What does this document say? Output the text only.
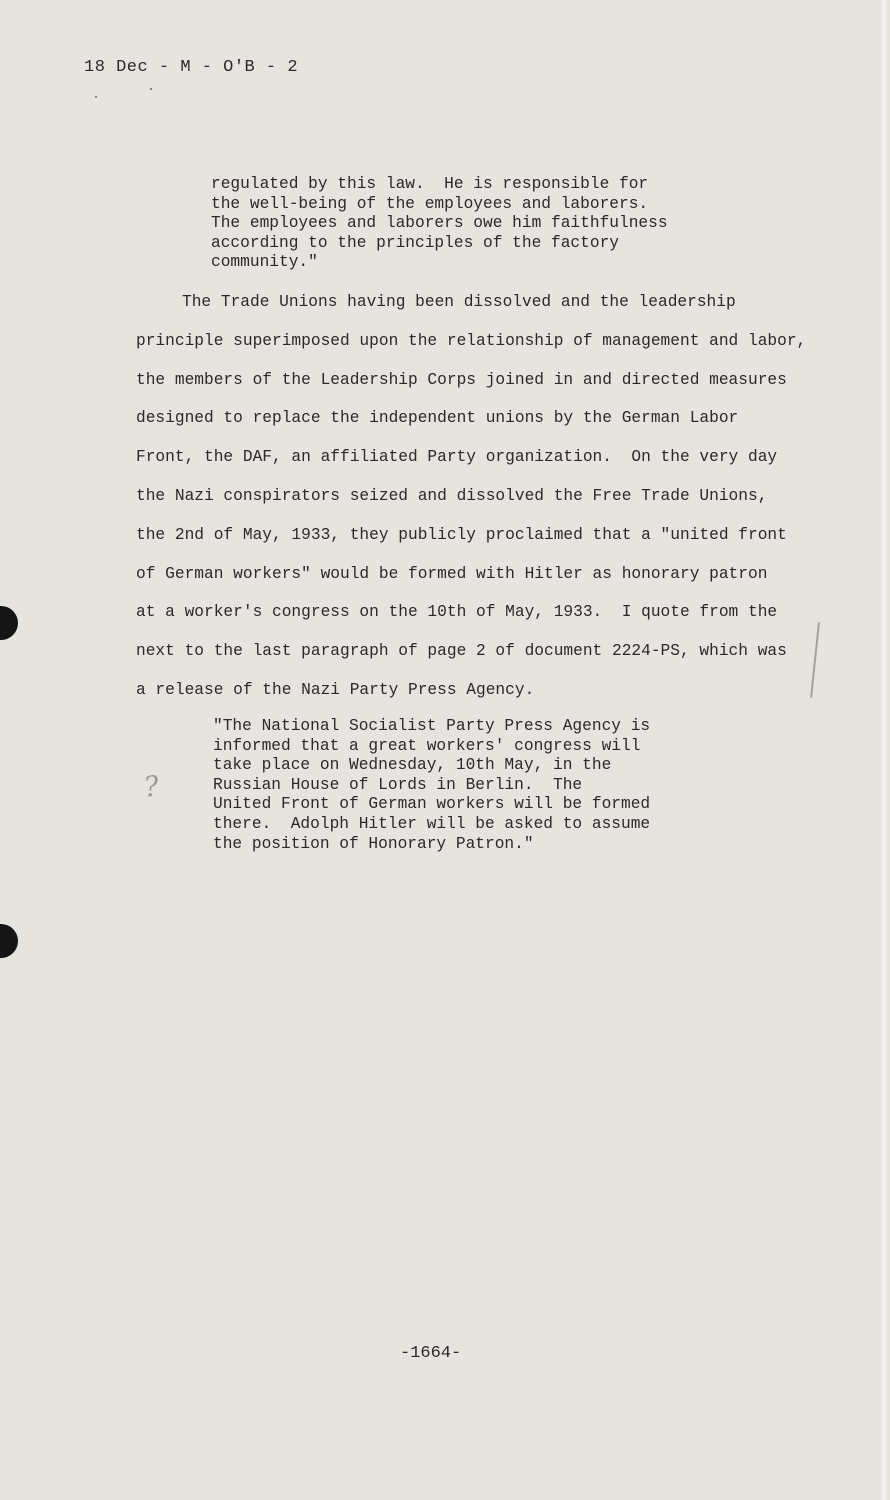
18 Dec - M - O'B - 2
regulated by this law.  He is responsible for
the well-being of the employees and laborers.
The employees and laborers owe him faithfulness
according to the principles of the factory
community."
The Trade Unions having been dissolved and the leadership
principle superimposed upon the relationship of management and labor,
the members of the Leadership Corps joined in and directed measures
designed to replace the independent unions by the German Labor
Front, the DAF, an affiliated Party organization.  On the very day
the Nazi conspirators seized and dissolved the Free Trade Unions,
the 2nd of May, 1933, they publicly proclaimed that a "united front
of German workers" would be formed with Hitler as honorary patron
at a worker's congress on the 10th of May, 1933.  I quote from the
next to the last paragraph of page 2 of document 2224-PS, which was
a release of the Nazi Party Press Agency.
?
"The National Socialist Party Press Agency is
informed that a great workers' congress will
take place on Wednesday, 10th May, in the
Russian House of Lords in Berlin.  The
United Front of German workers will be formed
there.  Adolph Hitler will be asked to assume
the position of Honorary Patron."
-1664-
